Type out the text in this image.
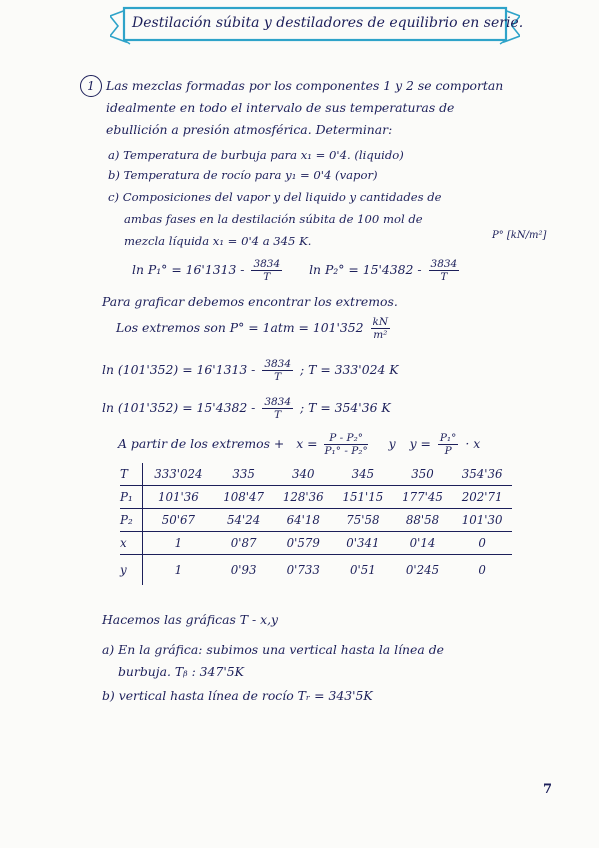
Destilación súbita y destiladores de equilibrio en serie.
1 Las mezclas formadas por los componentes 1 y 2 se comportan
idealmente en todo el intervalo de sus temperaturas de
ebullición a presión atmosférica. Determinar:
a) Temperatura de burbuja para x₁ = 0'4. (liquido)
b) Temperatura de rocío para y₁ = 0'4 (vapor)
c) Composiciones del vapor y del liquido y cantidades de
ambas fases en la destilación súbita de 100 mol de
mezcla líquida x₁ = 0'4 a 345 K.	P° [kN/m²]
$\ln P_1^\circ = 16'1313 - \frac{3834}{T}$ $\ln P_2^\circ = 15'4382 - \frac{3834}{T}$
Para graficar debemos encontrar los extremos.
Los extremos son $P^\circ = 1atm = 101'352 \frac{kN}{\text{m²}}$
$\ln (101'352) = 16'1313 - \frac{3834}{T}$ ; T = 333'024 K
$\ln (101'352) = 15'4382 - \frac{3834}{T}$ ; T = 354'36 K
A partir de los extremos + $x = \frac{\text{P - P₂°}}{\text{P₁° - P₂°}}$ y $y = \frac{\text{P₁°}}{P} \cdot x$
T	333'024	335	340	345	350	354'36
P₁	101'36	108'47	128'36	151'15	177'45	202'71
P₂	50'67	54'24	64'18	75'58	88'58	101'30
x	1	0'87	0'579	0'341	0'14	0
y	1	0'93	0'733	0'51	0'245	0
Hacemos las gráficas T - x,y
a) En la gráfica: subimos una vertical hasta la línea de
burbuja. Tᵦ : 347'5K
b) vertical hasta línea de rocío Tᵣ = 343'5K
7
